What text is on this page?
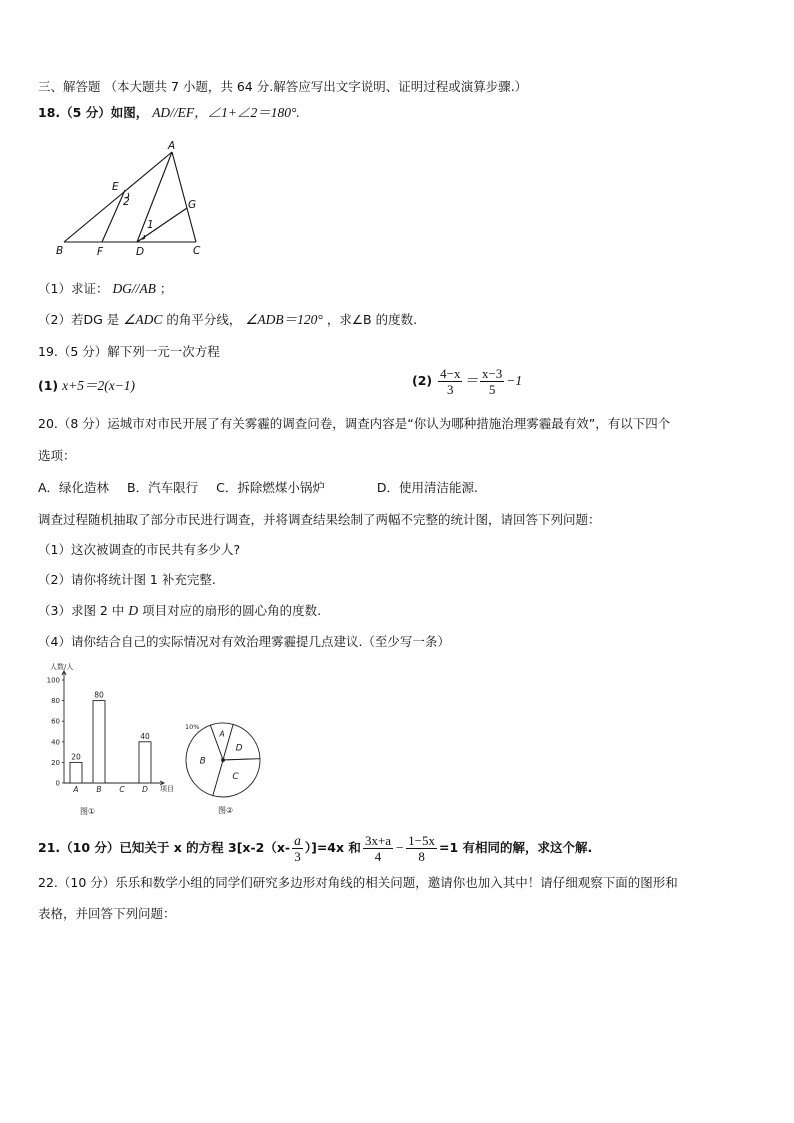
三、解答题 （本大题共 7 小题，共 64 分.解答应写出文字说明、证明过程或演算步骤.）
18.（5 分）如图， AD//EF，∠1+∠2＝180°.
A
B	C
D
E
F
G
1
2
（1）求证： DG//AB ；
（2）若DG 是 ∠ADC 的角平分线， ∠ADB＝120° ，求∠B 的度数.
19.（5 分）解下列一元一次方程
(1) x+5＝2(x−1)	$(2) \frac{4-x}{3} = \frac{x-3}{5} -1$
20.（8 分）运城市对市民开展了有关雾霾的调查问卷，调查内容是“你认为哪种措施治理雾霾最有效”，有以下四个
选项：
A．绿化造林 B．汽车限行 C．拆除燃煤小锅炉	D．使用清洁能源.
调查过程随机抽取了部分市民进行调查，并将调查结果绘制了两幅不完整的统计图，请回答下列问题：
（1）这次被调查的市民共有多少人?
（2）请你将统计图 1 补充完整.
（3）求图 2 中 D 项目对应的扇形的圆心角的度数.
（4）请你结合自己的实际情况对有效治理雾霾提几点建议.（至少写一条）
0
20
40
60
80
100
20
80
40
A B C D
人数/人
项目
图①
A
D
C
B
10%
图②
21.（10 分）已知关于 x 的方程 $3[x-2(x- \frac{a}{3} )]=4x$ 和 $\frac{3x+a}{4} - \frac{1-5x}{8} =1$ 有相同的解，求这个解.
22.（10 分）乐乐和数学小组的同学们研究多边形对角线的相关问题，邀请你也加入其中！请仔细观察下面的图形和
表格，并回答下列问题：
